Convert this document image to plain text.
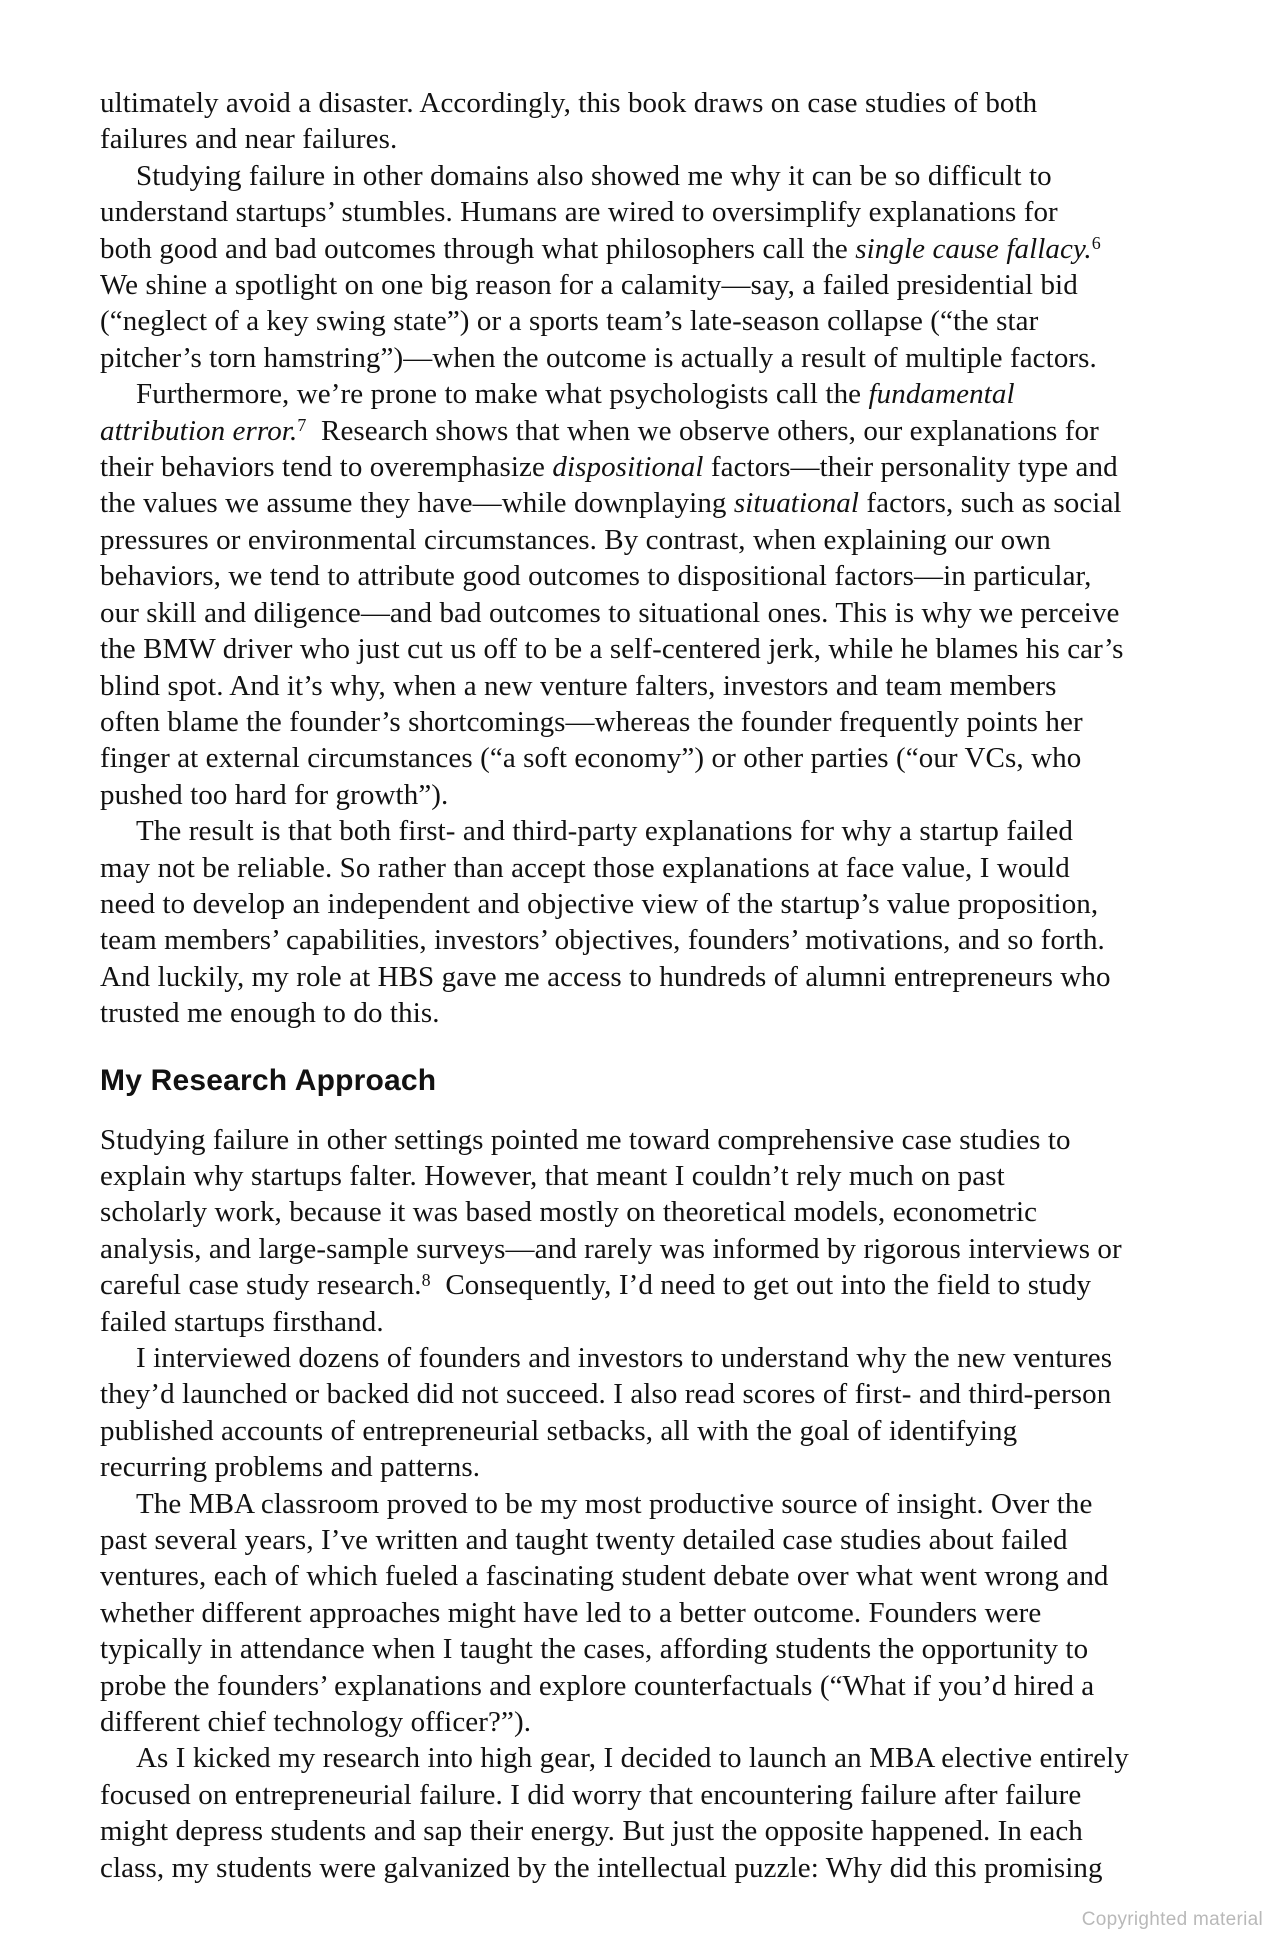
ultimately avoid a disaster. Accordingly, this book draws on case studies of both
failures and near failures.
Studying failure in other domains also showed me why it can be so difficult to
understand startups’ stumbles. Humans are wired to oversimplify explanations for
both good and bad outcomes through what philosophers call the single cause fallacy.$^6$
We shine a spotlight on one big reason for a calamity—say, a failed presidential bid
(“neglect of a key swing state”) or a sports team’s late-season collapse (“the star
pitcher’s torn hamstring”)—when the outcome is actually a result of multiple factors.
Furthermore, we’re prone to make what psychologists call the fundamental
attribution error.$^7$ Research shows that when we observe others, our explanations for
their behaviors tend to overemphasize dispositional factors—their personality type and
the values we assume they have—while downplaying situational factors, such as social
pressures or environmental circumstances. By contrast, when explaining our own
behaviors, we tend to attribute good outcomes to dispositional factors—in particular,
our skill and diligence—and bad outcomes to situational ones. This is why we perceive
the BMW driver who just cut us off to be a self-centered jerk, while he blames his car’s
blind spot. And it’s why, when a new venture falters, investors and team members
often blame the founder’s shortcomings—whereas the founder frequently points her
finger at external circumstances (“a soft economy”) or other parties (“our VCs, who
pushed too hard for growth”).
The result is that both first- and third-party explanations for why a startup failed
may not be reliable. So rather than accept those explanations at face value, I would
need to develop an independent and objective view of the startup’s value proposition,
team members’ capabilities, investors’ objectives, founders’ motivations, and so forth.
And luckily, my role at HBS gave me access to hundreds of alumni entrepreneurs who
trusted me enough to do this.
My Research Approach
Studying failure in other settings pointed me toward comprehensive case studies to
explain why startups falter. However, that meant I couldn’t rely much on past
scholarly work, because it was based mostly on theoretical models, econometric
analysis, and large-sample surveys—and rarely was informed by rigorous interviews or
careful case study research.$^8$ Consequently, I’d need to get out into the field to study
failed startups firsthand.
I interviewed dozens of founders and investors to understand why the new ventures
they’d launched or backed did not succeed. I also read scores of first- and third-person
published accounts of entrepreneurial setbacks, all with the goal of identifying
recurring problems and patterns.
The MBA classroom proved to be my most productive source of insight. Over the
past several years, I’ve written and taught twenty detailed case studies about failed
ventures, each of which fueled a fascinating student debate over what went wrong and
whether different approaches might have led to a better outcome. Founders were
typically in attendance when I taught the cases, affording students the opportunity to
probe the founders’ explanations and explore counterfactuals (“What if you’d hired a
different chief technology officer?”).
As I kicked my research into high gear, I decided to launch an MBA elective entirely
focused on entrepreneurial failure. I did worry that encountering failure after failure
might depress students and sap their energy. But just the opposite happened. In each
class, my students were galvanized by the intellectual puzzle: Why did this promising
Copyrighted material
